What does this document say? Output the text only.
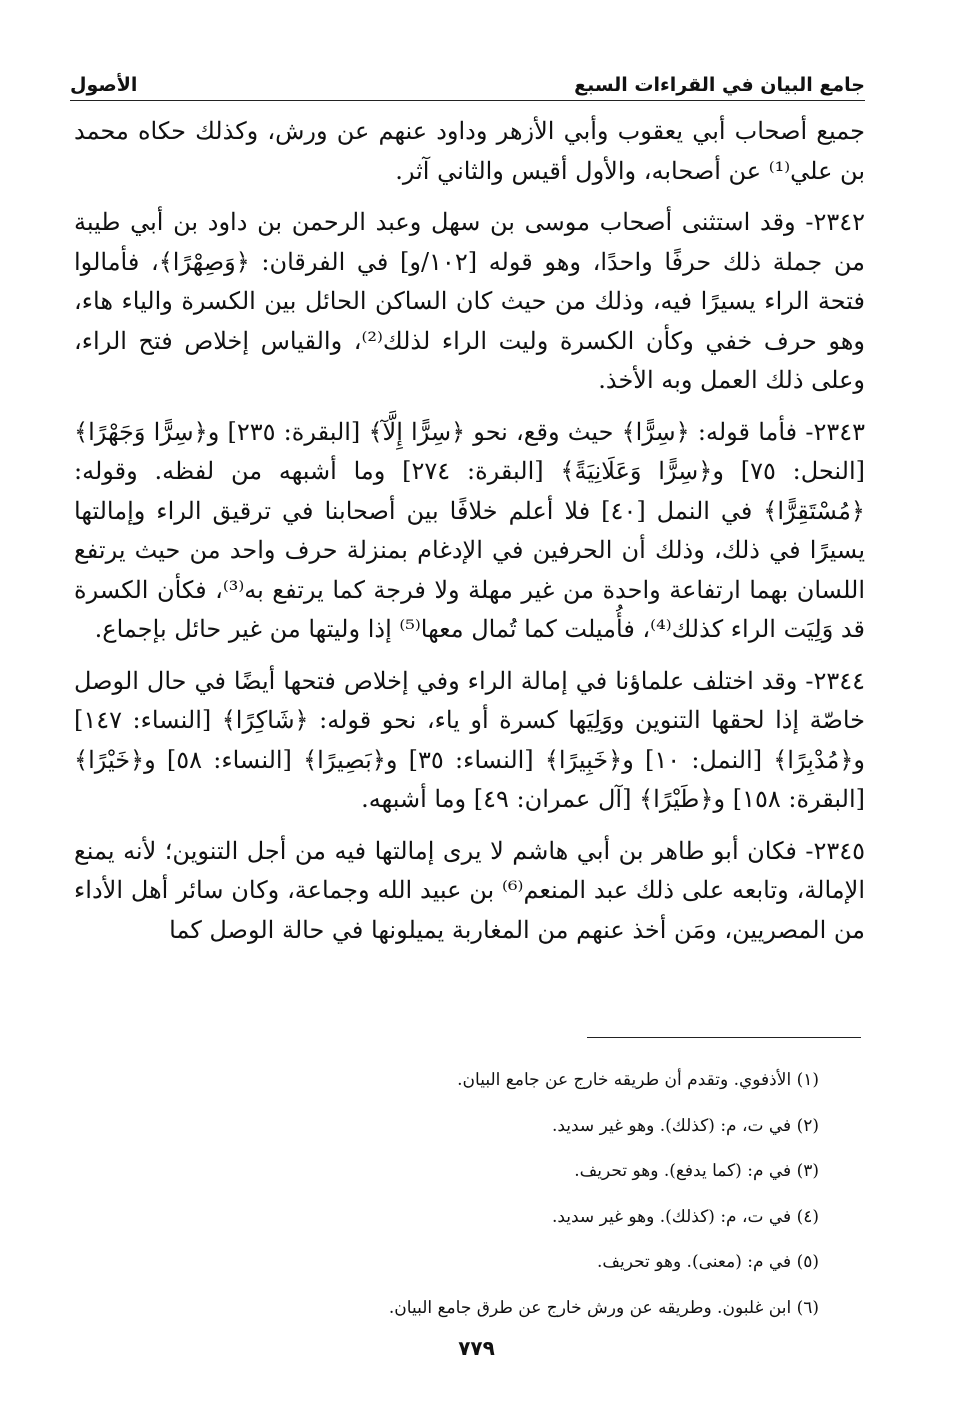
جامع البيان في القراءات السبع
الأصول

جميع أصحاب أبي يعقوب وأبي الأزهر وداود عنهم عن ورش، وكذلك حكاه محمد بن علي⁽¹⁾ عن أصحابه، والأول أقيس والثاني آثر.

٢٣٤٢- وقد استثنى أصحاب موسى بن سهل وعبد الرحمن بن داود بن أبي طيبة من جملة ذلك حرفًا واحدًا، وهو قوله [١٠٢/و] في الفرقان: ﴿وَصِهْرًا﴾، فأمالوا فتحة الراء يسيرًا فيه، وذلك من حيث كان الساكن الحائل بين الكسرة والياء هاء، وهو حرف خفي وكأن الكسرة وليت الراء لذلك⁽²⁾، والقياس إخلاص فتح الراء، وعلى ذلك العمل وبه الأخذ.

٢٣٤٣- فأما قوله: ﴿سِرًّا﴾ حيث وقع، نحو ﴿سِرًّا إِلَّآ﴾ [البقرة: ٢٣٥] و﴿سِرًّا وَجَهْرًا﴾ [النحل: ٧٥] و﴿سِرًّا وَعَلَانِيَةً﴾ [البقرة: ٢٧٤] وما أشبهه من لفظه. وقوله: ﴿مُسْتَقِرًّا﴾ في النمل [٤٠] فلا أعلم خلافًا بين أصحابنا في ترقيق الراء وإمالتها يسيرًا في ذلك، وذلك أن الحرفين في الإدغام بمنزلة حرف واحد من حيث يرتفع اللسان بهما ارتفاعة واحدة من غير مهلة ولا فرجة كما يرتفع به⁽³⁾، فكأن الكسرة قد وَلِيَت الراء كذلك⁽⁴⁾، فأُميلت كما تُمال معها⁽⁵⁾ إذا وليتها من غير حائل بإجماع.

٢٣٤٤- وقد اختلف علماؤنا في إمالة الراء وفي إخلاص فتحها أيضًا في حال الوصل خاصّة إذا لحقها التنوين ووَلِيَها كسرة أو ياء، نحو قوله: ﴿شَاكِرًا﴾ [النساء: ١٤٧] و﴿مُدْبِرًا﴾ [النمل: ١٠] و﴿خَبِيرًا﴾ [النساء: ٣٥] و﴿بَصِيرًا﴾ [النساء: ٥٨] و﴿خَيْرًا﴾ [البقرة: ١٥٨] و﴿طَيْرًا﴾ [آل عمران: ٤٩] وما أشبهه.

٢٣٤٥- فكان أبو طاهر بن أبي هاشم لا يرى إمالتها فيه من أجل التنوين؛ لأنه يمنع الإمالة، وتابعه على ذلك عبد المنعم⁽⁶⁾ بن عبيد الله وجماعة، وكان سائر أهل الأداء من المصريين، ومَن أخذ عنهم من المغاربة يميلونها في حالة الوصل كما

(١) الأذفوي. وتقدم أن طريقه خارج عن جامع البيان.
(٢) في ت، م: (كذلك). وهو غير سديد.
(٣) في م: (كما يدفع). وهو تحريف.
(٤) في ت، م: (كذلك). وهو غير سديد.
(٥) في م: (معنى). وهو تحريف.
(٦) ابن غلبون. وطريقه عن ورش خارج عن طرق جامع البيان.
٧٧٩
